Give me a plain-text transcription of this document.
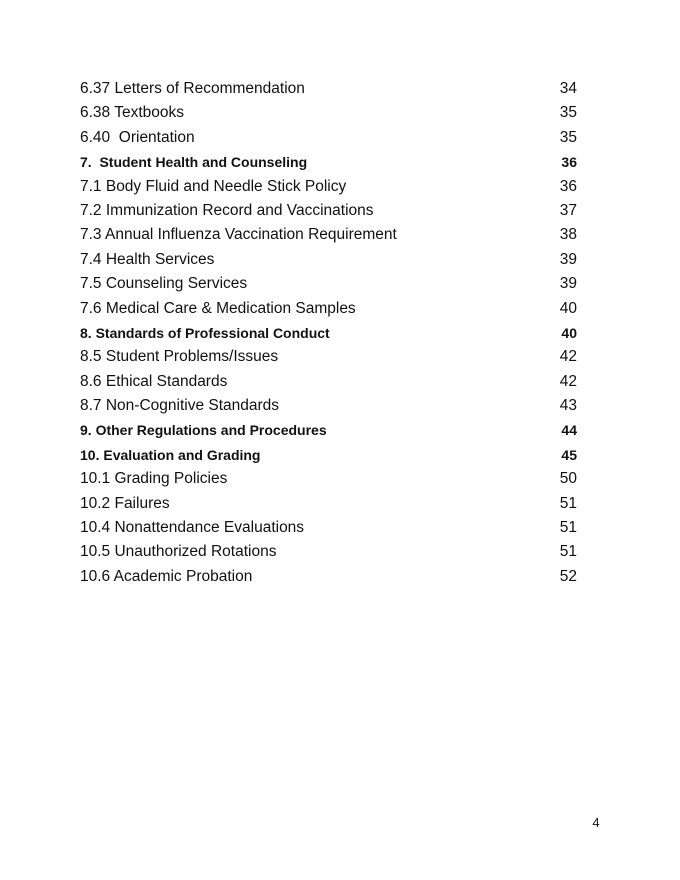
6.37 Letters of Recommendation	34
6.38 Textbooks	35
6.40  Orientation	35
7.  Student Health and Counseling	36
7.1 Body Fluid and Needle Stick Policy	36
7.2 Immunization Record and Vaccinations	37
7.3 Annual Influenza Vaccination Requirement	38
7.4 Health Services	39
7.5 Counseling Services	39
7.6 Medical Care & Medication Samples	40
8. Standards of Professional Conduct	40
8.5 Student Problems/Issues	42
8.6 Ethical Standards	42
8.7 Non-Cognitive Standards	43
9. Other Regulations and Procedures	44
10. Evaluation and Grading	45
10.1 Grading Policies	50
10.2 Failures	51
10.4 Nonattendance Evaluations	51
10.5 Unauthorized Rotations	51
10.6 Academic Probation	52
4
